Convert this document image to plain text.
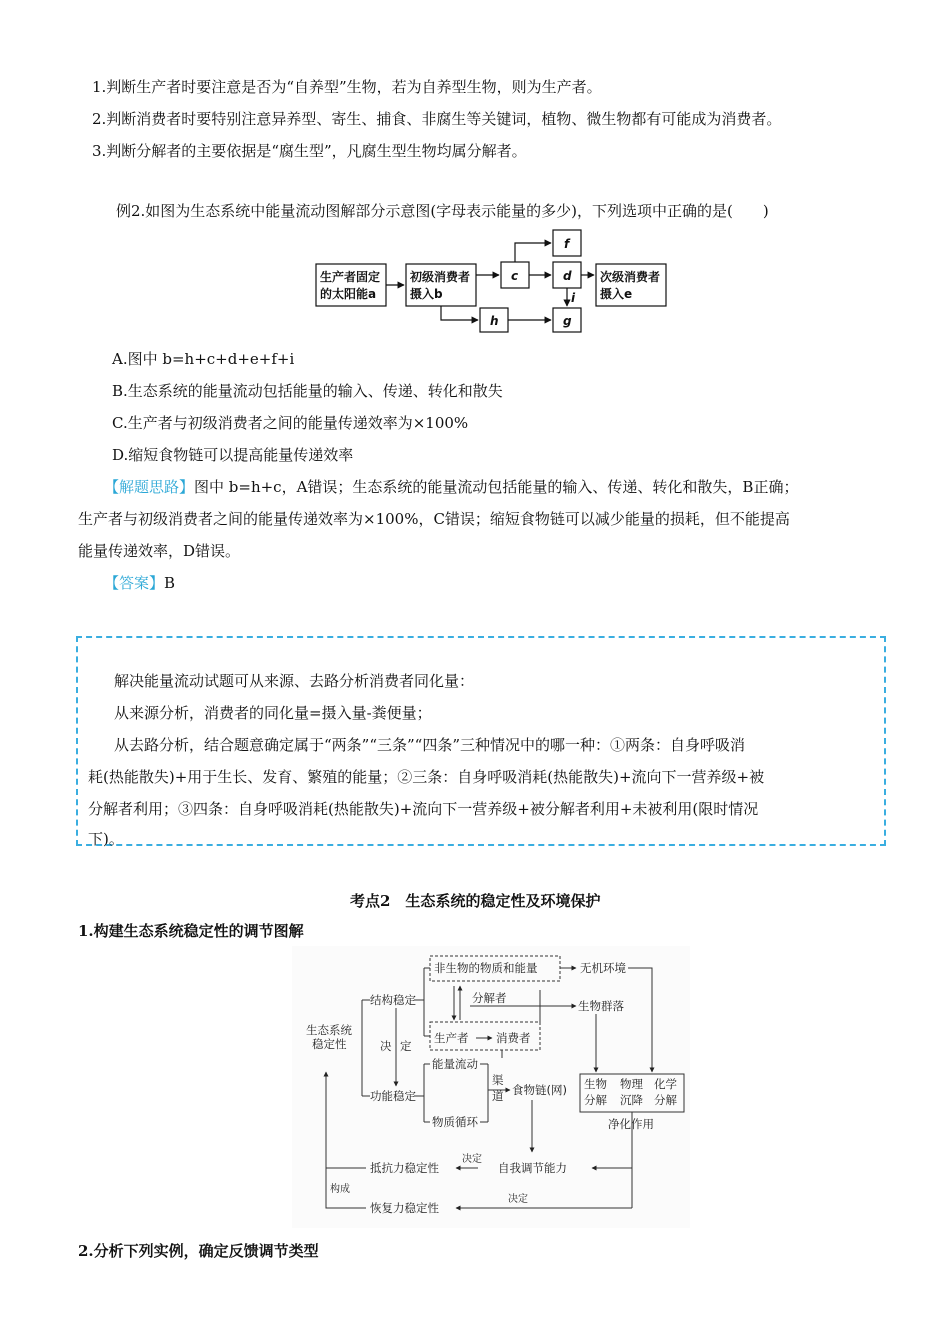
1.判断生产者时要注意是否为“自养型”生物，若为自养型生物，则为生产者。
2.判断消费者时要特别注意异养型、寄生、捕食、非腐生等关键词，植物、微生物都有可能成为消费者。
3.判断分解者的主要依据是“腐生型”，凡腐生型生物均属分解者。
例2.如图为生态系统中能量流动图解部分示意图(字母表示能量的多少)，下列选项中正确的是(　　)
生产者固定
的太阳能a
初级消费者
摄入b
次级消费者
摄入e
c	d
f
h	g
i
A.图中 b=h+c+d+e+f+i
B.生态系统的能量流动包括能量的输入、传递、转化和散失
C.生产者与初级消费者之间的能量传递效率为×100%
D.缩短食物链可以提高能量传递效率
【解题思路】图中 b=h+c，A错误；生态系统的能量流动包括能量的输入、传递、转化和散失，B正确；
生产者与初级消费者之间的能量传递效率为×100%，C错误；缩短食物链可以减少能量的损耗，但不能提高
能量传递效率，D错误。
【答案】B
解决能量流动试题可从来源、去路分析消费者同化量：
从来源分析，消费者的同化量=摄入量-粪便量；
从去路分析，结合题意确定属于“两条”“三条”“四条”三种情况中的哪一种：①两条：自身呼吸消
耗(热能散失)+用于生长、发育、繁殖的能量；②三条：自身呼吸消耗(热能散失)+流向下一营养级+被
分解者利用；③四条：自身呼吸消耗(热能散失)+流向下一营养级+被分解者利用+未被利用(限时情况
下)。
考点2　生态系统的稳定性及环境保护
1.构建生态系统稳定性的调节图解
生态系统
稳定性
结构稳定
功能稳定
决 定
非生物的物质和能量	无机环境
分解者
生产者 消费者
生物群落
能量流动
物质循环
渠
道 食物链(网) 生物
分解
物理
沉降
化学
分解
净化作用
抵抗力稳定性
决定
自我调节能力
构成
恢复力稳定性
决定
2.分析下列实例，确定反馈调节类型
